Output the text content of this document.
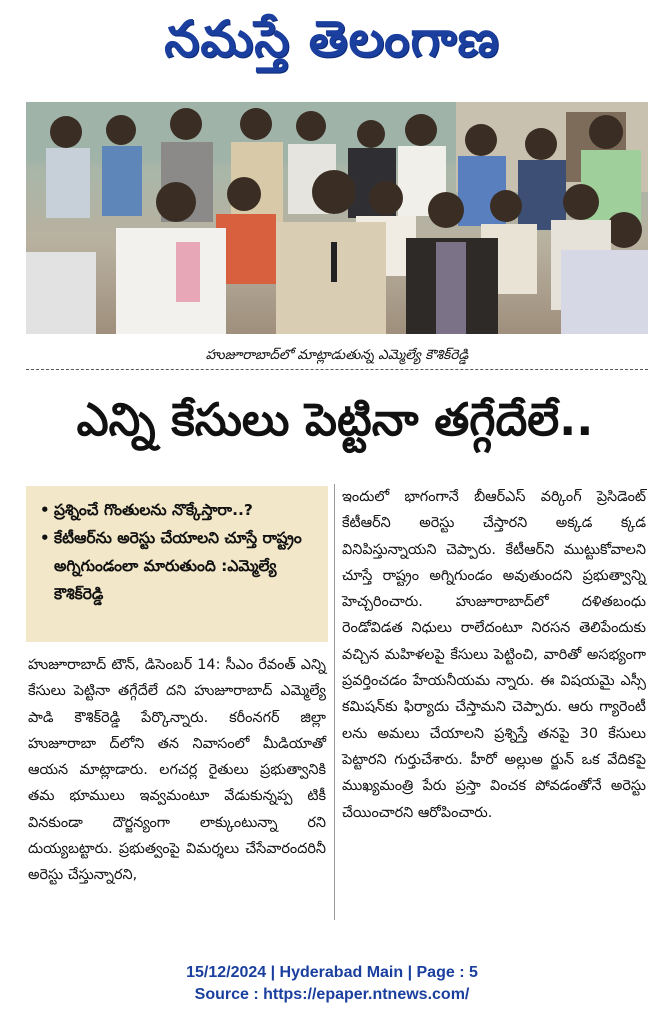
నమస్తే తెలంగాణ
హుజూరాబాద్‌లో మాట్లాడుతున్న ఎమ్మెల్యే కౌశిక్‌రెడ్డి
ఎన్ని కేసులు పెట్టినా తగ్గేదేలే..
• ప్రశ్నించే గొంతులను నొక్కేస్తారా..?
• కేటీఆర్‌ను అరెస్టు చేయాలని చూస్తే రాష్ట్రం అగ్నిగుండంలా మారుతుంది :ఎమ్మెల్యే కౌశిక్‌రెడ్డి

హుజూరాబాద్ టౌన్, డిసెంబర్ 14: సీఎం రేవంత్ ఎన్ని కేసులు పెట్టినా తగ్గేదేలే దని హుజూరాబాద్ ఎమ్మెల్యే పాడి కౌశిక్‌రెడ్డి పేర్కొన్నారు. కరీంనగర్ జిల్లా హుజూరాబా ద్‌లోని తన నివాసంలో మీడియాతో ఆయన మాట్లాడారు. లగచర్ల రైతులు ప్రభుత్వానికి తమ భూములు ఇవ్వమంటూ వేడుకున్నప్ప టికీ వినకుండా దౌర్జన్యంగా లాక్కుంటున్నా రని దుయ్యబట్టారు. ప్రభుత్వంపై విమర్శలు చేసేవారందరినీ అరెస్టు చేస్తున్నారని,

ఇందులో భాగంగానే బీఆర్‌ఎస్ వర్కింగ్ ప్రెసిడెంట్ కేటీఆర్‌ని అరెస్టు చేస్తారని అక్కడ క్కడ వినిపిస్తున్నాయని చెప్పారు. కేటీఆర్‌ని ముట్టుకోవాలని చూస్తే రాష్ట్రం అగ్నిగుండం అవుతుందని ప్రభుత్వాన్ని హెచ్చరించారు. హుజూరాబాద్‌లో దళితబంధు రెండోవిడత నిధులు రాలేదంటూ నిరసన తెలిపేందుకు వచ్చిన మహిళలపై కేసులు పెట్టించి, వారితో అసభ్యంగా ప్రవర్తించడం హేయనీయమ న్నారు. ఈ విషయమై ఎస్సీ కమిషన్‌కు ఫిర్యాదు చేస్తామని చెప్పారు. ఆరు గ్యారెంటీ లను అమలు చేయాలని ప్రశ్నిస్తే తనపై 30 కేసులు పెట్టారని గుర్తుచేశారు. హీరో అల్లుఅ ర్జున్ ఒక వేదికపై ముఖ్యమంత్రి పేరు ప్రస్తా వించక పోవడంతోనే అరెస్టు చేయించారని ఆరోపించారు.

15/12/2024 | Hyderabad Main | Page : 5
Source : https://epaper.ntnews.com/
